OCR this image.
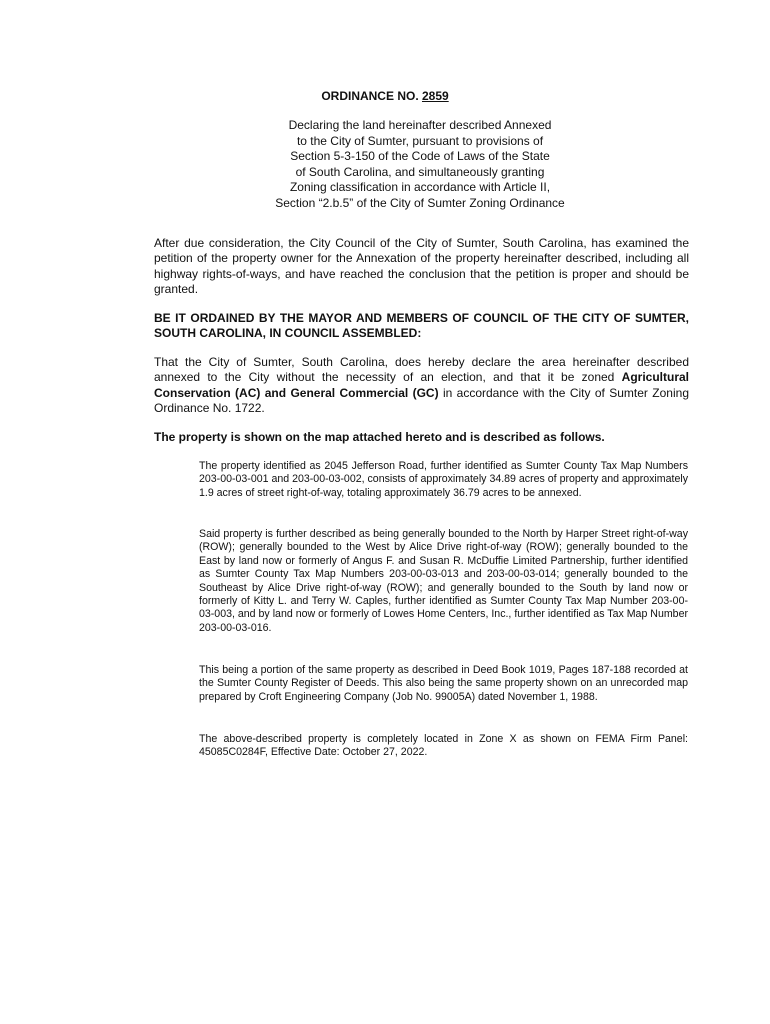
ORDINANCE NO. 2859
Declaring the land hereinafter described Annexed
to the City of Sumter, pursuant to provisions of
Section 5-3-150 of the Code of Laws of the State
of South Carolina, and simultaneously granting
Zoning classification in accordance with Article II,
Section “2.b.5” of the City of Sumter Zoning Ordinance
After due consideration, the City Council of the City of Sumter, South Carolina, has examined the petition of the property owner for the Annexation of the property hereinafter described, including all highway rights-of-ways, and have reached the conclusion that the petition is proper and should be granted.
BE IT ORDAINED BY THE MAYOR AND MEMBERS OF COUNCIL OF THE CITY OF SUMTER, SOUTH CAROLINA, IN COUNCIL ASSEMBLED:
That the City of Sumter, South Carolina, does hereby declare the area hereinafter described annexed to the City without the necessity of an election, and that it be zoned Agricultural Conservation (AC) and General Commercial (GC) in accordance with the City of Sumter Zoning Ordinance No. 1722.
The property is shown on the map attached hereto and is described as follows.
The property identified as 2045 Jefferson Road, further identified as Sumter County Tax Map Numbers 203-00-03-001 and 203-00-03-002, consists of approximately 34.89 acres of property and approximately 1.9 acres of street right-of-way, totaling approximately 36.79 acres to be annexed.
Said property is further described as being generally bounded to the North by Harper Street right-of-way (ROW); generally bounded to the West by Alice Drive right-of-way (ROW); generally bounded to the East by land now or formerly of Angus F. and Susan R. McDuffie Limited Partnership, further identified as Sumter County Tax Map Numbers 203-00-03-013 and 203-00-03-014; generally bounded to the Southeast by Alice Drive right-of-way (ROW); and generally bounded to the South by land now or formerly of Kitty L. and Terry W. Caples, further identified as Sumter County Tax Map Number 203-00-03-003, and by land now or formerly of Lowes Home Centers, Inc., further identified as Tax Map Number 203-00-03-016.
This being a portion of the same property as described in Deed Book 1019, Pages 187-188 recorded at the Sumter County Register of Deeds. This also being the same property shown on an unrecorded map prepared by Croft Engineering Company (Job No. 99005A) dated November 1, 1988.
The above-described property is completely located in Zone X as shown on FEMA Firm Panel: 45085C0284F, Effective Date: October 27, 2022.
